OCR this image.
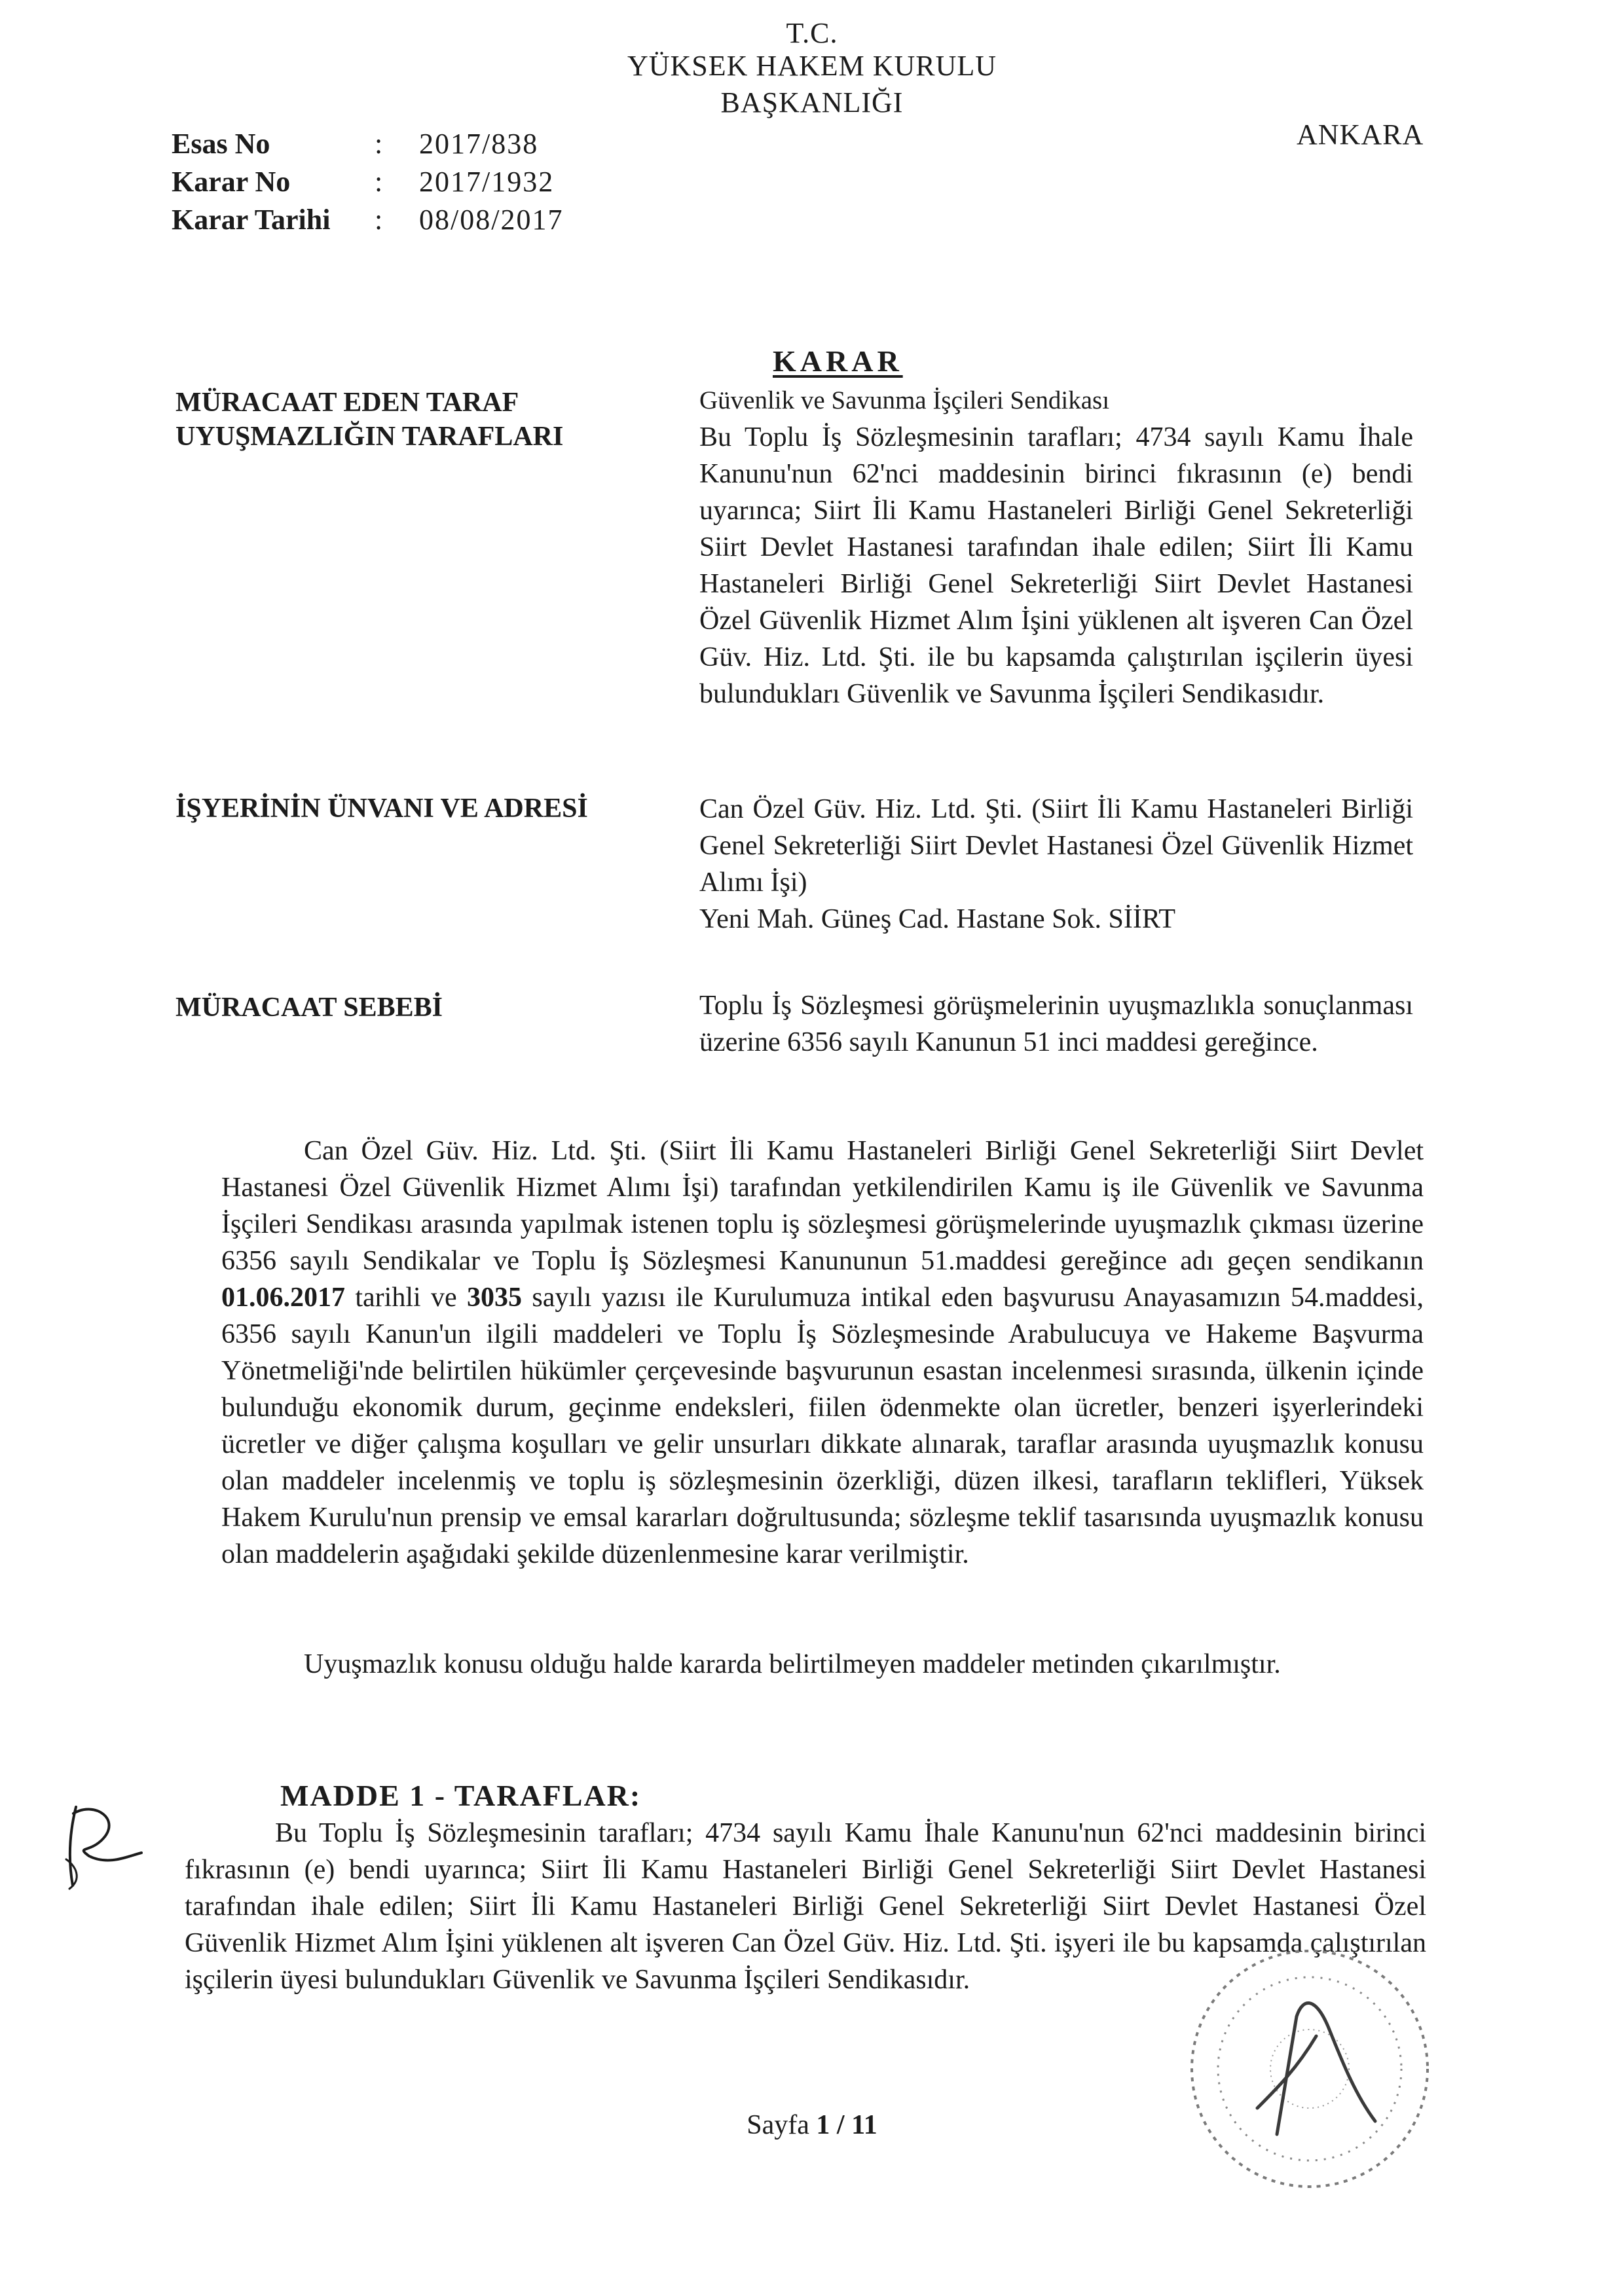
T.C.
YÜKSEK HAKEM KURULU
BAŞKANLIĞI
ANKARA
Esas No	: 2017/838
Karar No	: 2017/1932
Karar Tarihi : 08/08/2017
KARAR
MÜRACAAT EDEN TARAF
UYUŞMAZLIĞIN TARAFLARI
İŞYERİNİN ÜNVANI VE ADRESİ
MÜRACAAT SEBEBİ
Güvenlik ve Savunma İşçileri Sendikası
Bu Toplu İş Sözleşmesinin tarafları; 4734 sayılı Kamu İhale Kanunu'nun 62'nci maddesinin birinci fıkrasının (e) bendi uyarınca; Siirt İli Kamu Hastaneleri Birliği Genel Sekreterliği Siirt Devlet Hastanesi tarafından ihale edilen; Siirt İli Kamu Hastaneleri Birliği Genel Sekreterliği Siirt Devlet Hastanesi Özel Güvenlik Hizmet Alım İşini yüklenen alt işveren Can Özel Güv. Hiz. Ltd. Şti. ile bu kapsamda çalıştırılan işçilerin üyesi bulundukları Güvenlik ve Savunma İşçileri Sendikasıdır.
Can Özel Güv. Hiz. Ltd. Şti. (Siirt İli Kamu Hastaneleri Birliği Genel Sekreterliği Siirt Devlet Hastanesi Özel Güvenlik Hizmet Alımı İşi)
Yeni Mah. Güneş Cad. Hastane Sok. SİİRT
Toplu İş Sözleşmesi görüşmelerinin uyuşmazlıkla sonuçlanması üzerine 6356 sayılı Kanunun 51 inci maddesi gereğince.
Can Özel Güv. Hiz. Ltd. Şti. (Siirt İli Kamu Hastaneleri Birliği Genel Sekreterliği Siirt Devlet Hastanesi Özel Güvenlik Hizmet Alımı İşi) tarafından yetkilendirilen Kamu iş ile Güvenlik ve Savunma İşçileri Sendikası arasında yapılmak istenen toplu iş sözleşmesi görüşmelerinde uyuşmazlık çıkması üzerine 6356 sayılı Sendikalar ve Toplu İş Sözleşmesi Kanununun 51.maddesi gereğince adı geçen sendikanın 01.06.2017 tarihli ve 3035 sayılı yazısı ile Kurulumuza intikal eden başvurusu Anayasamızın 54.maddesi, 6356 sayılı Kanun'un ilgili maddeleri ve Toplu İş Sözleşmesinde Arabulucuya ve Hakeme Başvurma Yönetmeliği'nde belirtilen hükümler çerçevesinde başvurunun esastan incelenmesi sırasında, ülkenin içinde bulunduğu ekonomik durum, geçinme endeksleri, fiilen ödenmekte olan ücretler, benzeri işyerlerindeki ücretler ve diğer çalışma koşulları ve gelir unsurları dikkate alınarak, taraflar arasında uyuşmazlık konusu olan maddeler incelenmiş ve toplu iş sözleşmesinin özerkliği, düzen ilkesi, tarafların teklifleri, Yüksek Hakem Kurulu'nun prensip ve emsal kararları doğrultusunda; sözleşme teklif tasarısında uyuşmazlık konusu olan maddelerin aşağıdaki şekilde düzenlenmesine karar verilmiştir.
Uyuşmazlık konusu olduğu halde kararda belirtilmeyen maddeler metinden çıkarılmıştır.
MADDE 1 - TARAFLAR:
Bu Toplu İş Sözleşmesinin tarafları; 4734 sayılı Kamu İhale Kanunu'nun 62'nci maddesinin birinci fıkrasının (e) bendi uyarınca; Siirt İli Kamu Hastaneleri Birliği Genel Sekreterliği Siirt Devlet Hastanesi tarafından ihale edilen; Siirt İli Kamu Hastaneleri Birliği Genel Sekreterliği Siirt Devlet Hastanesi Özel Güvenlik Hizmet Alım İşini yüklenen alt işveren Can Özel Güv. Hiz. Ltd. Şti. işyeri ile bu kapsamda çalıştırılan işçilerin üyesi bulundukları Güvenlik ve Savunma İşçileri Sendikasıdır.
Sayfa 1 / 11
